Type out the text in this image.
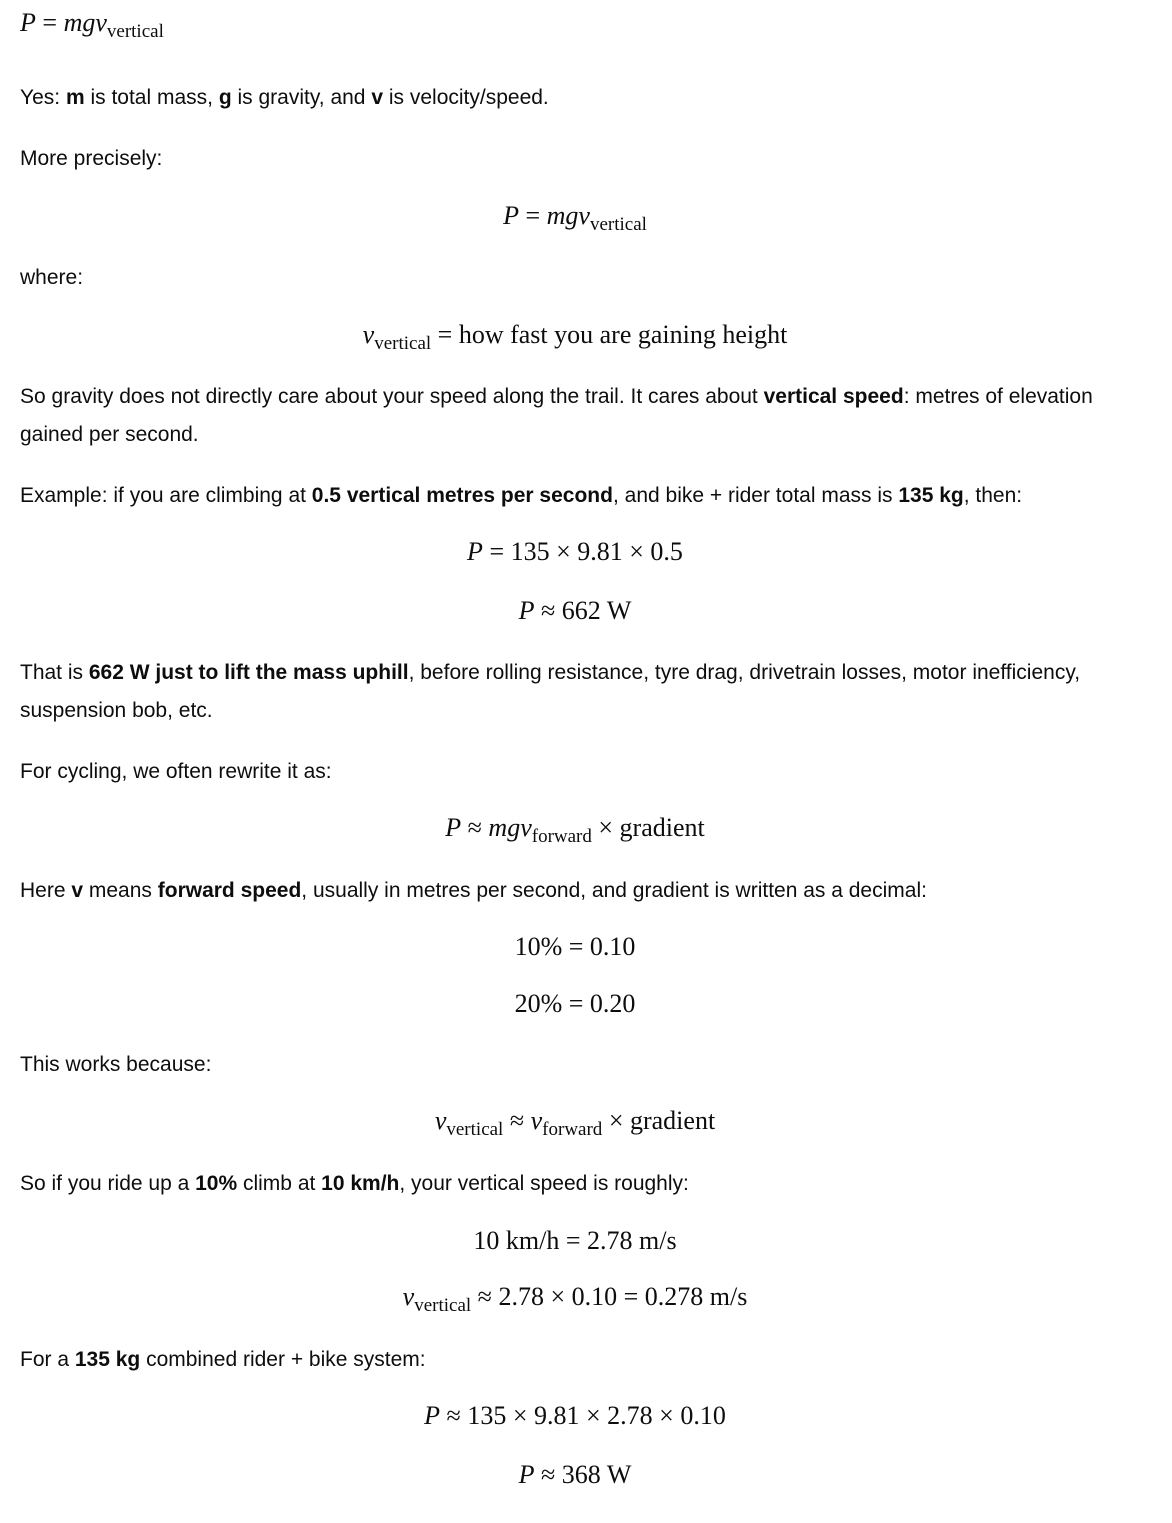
P = mgv$_{vertical}$

Yes: m is total mass, g is gravity, and v is velocity/speed.

More precisely:

P = mgv$_{vertical}$

where:

$v_{vertical}$ = how fast you are gaining height

So gravity does not directly care about your speed along the trail. It cares about vertical speed: metres of elevation gained per second.

Example: if you are climbing at 0.5 vertical metres per second, and bike + rider total mass is 135 kg, then:

P = 135 × 9.81 × 0.5
P ≈ 662 W

That is 662 W just to lift the mass uphill, before rolling resistance, tyre drag, drivetrain losses, motor inefficiency, suspension bob, etc.

For cycling, we often rewrite it as:

P ≈ mgv$_{forward}$ × gradient

Here v means forward speed, usually in metres per second, and gradient is written as a decimal:

10% = 0.10
20% = 0.20

This works because:

$v_{vertical} \approx v_{forward}$ × gradient

So if you ride up a 10% climb at 10 km/h, your vertical speed is roughly:

10 km/h = 2.78 m/s
$v_{vertical} \approx 2.78 \times 0.10 = 0.278$ m/s

For a 135 kg combined rider + bike system:

P ≈ 135 × 9.81 × 2.78 × 0.10
P ≈ 368 W
